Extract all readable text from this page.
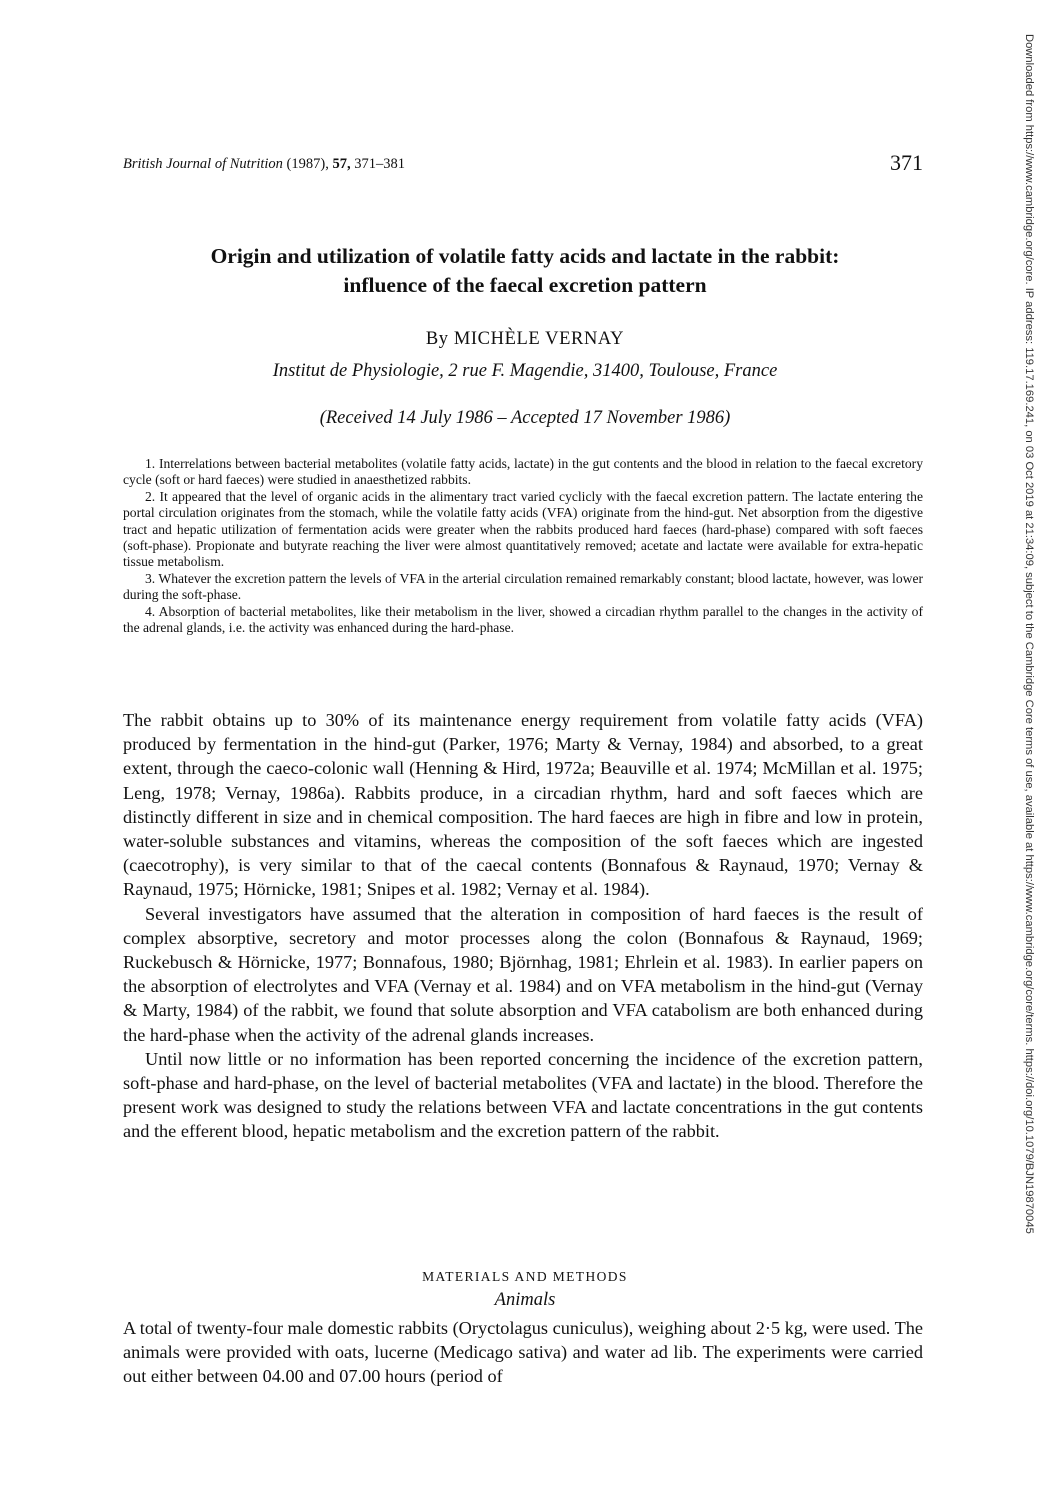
British Journal of Nutrition (1987), 57, 371–381	371
Origin and utilization of volatile fatty acids and lactate in the rabbit:
influence of the faecal excretion pattern
By MICHÈLE VERNAY
Institut de Physiologie, 2 rue F. Magendie, 31400, Toulouse, France
(Received 14 July 1986 – Accepted 17 November 1986)

1. Interrelations between bacterial metabolites (volatile fatty acids, lactate) in the gut contents and the blood in relation to the faecal excretory cycle (soft or hard faeces) were studied in anaesthetized rabbits.

2. It appeared that the level of organic acids in the alimentary tract varied cyclicly with the faecal excretion pattern. The lactate entering the portal circulation originates from the stomach, while the volatile fatty acids (VFA) originate from the hind-gut. Net absorption from the digestive tract and hepatic utilization of fermentation acids were greater when the rabbits produced hard faeces (hard-phase) compared with soft faeces (soft-phase). Propionate and butyrate reaching the liver were almost quantitatively removed; acetate and lactate were available for extra-hepatic tissue metabolism.

3. Whatever the excretion pattern the levels of VFA in the arterial circulation remained remarkably constant; blood lactate, however, was lower during the soft-phase.

4. Absorption of bacterial metabolites, like their metabolism in the liver, showed a circadian rhythm parallel to the changes in the activity of the adrenal glands, i.e. the activity was enhanced during the hard-phase.

The rabbit obtains up to 30% of its maintenance energy requirement from volatile fatty acids (VFA) produced by fermentation in the hind-gut (Parker, 1976; Marty & Vernay, 1984) and absorbed, to a great extent, through the caeco-colonic wall (Henning & Hird, 1972a; Beauville et al. 1974; McMillan et al. 1975; Leng, 1978; Vernay, 1986a). Rabbits produce, in a circadian rhythm, hard and soft faeces which are distinctly different in size and in chemical composition. The hard faeces are high in fibre and low in protein, water-soluble substances and vitamins, whereas the composition of the soft faeces which are ingested (caecotrophy), is very similar to that of the caecal contents (Bonnafous & Raynaud, 1970; Vernay & Raynaud, 1975; Hörnicke, 1981; Snipes et al. 1982; Vernay et al. 1984).

Several investigators have assumed that the alteration in composition of hard faeces is the result of complex absorptive, secretory and motor processes along the colon (Bonnafous & Raynaud, 1969; Ruckebusch & Hörnicke, 1977; Bonnafous, 1980; Björnhag, 1981; Ehrlein et al. 1983). In earlier papers on the absorption of electrolytes and VFA (Vernay et al. 1984) and on VFA metabolism in the hind-gut (Vernay & Marty, 1984) of the rabbit, we found that solute absorption and VFA catabolism are both enhanced during the hard-phase when the activity of the adrenal glands increases.

Until now little or no information has been reported concerning the incidence of the excretion pattern, soft-phase and hard-phase, on the level of bacterial metabolites (VFA and lactate) in the blood. Therefore the present work was designed to study the relations between VFA and lactate concentrations in the gut contents and the efferent blood, hepatic metabolism and the excretion pattern of the rabbit.

MATERIALS AND METHODS
Animals

A total of twenty-four male domestic rabbits (Oryctolagus cuniculus), weighing about 2·5 kg, were used. The animals were provided with oats, lucerne (Medicago sativa) and water ad lib. The experiments were carried out either between 04.00 and 07.00 hours (period of

Downloaded from https://www.cambridge.org/core. IP address: 119.17.169.241, on 03 Oct 2019 at 21:34:09, subject to the Cambridge Core terms of use, available at https://www.cambridge.org/core/terms. https://doi.org/10.1079/BJN19870045
